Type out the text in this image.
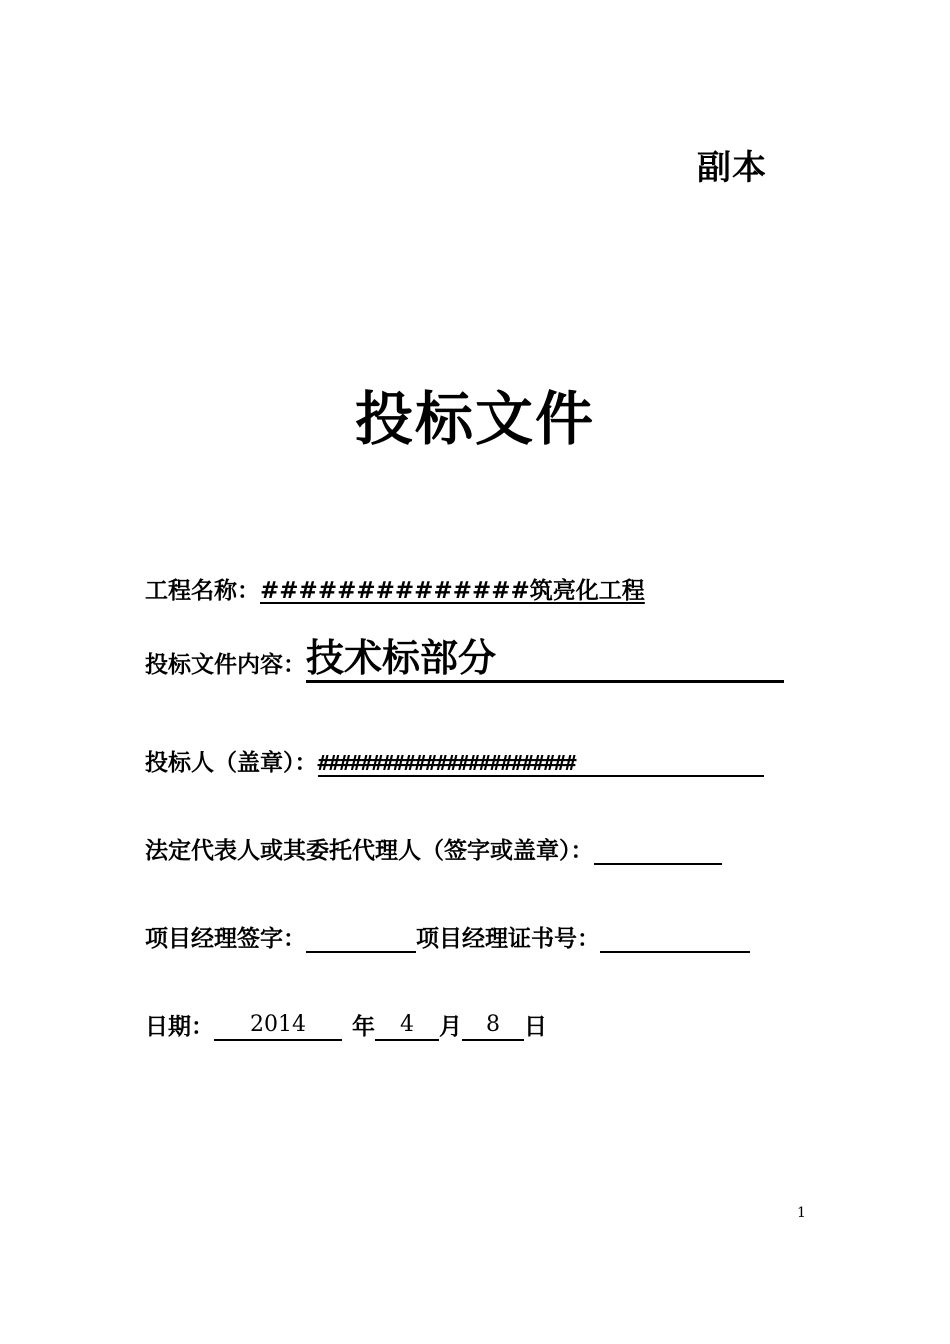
副本
投标文件
工程名称： ##############筑亮化工程
投标文件内容： 技术标部分
投标人（盖章）： ########################
法定代表人或其委托代理人（签字或盖章）：
项目经理签字：	项目经理证书号：
日期：	2014	年	4	月	8	日
1
